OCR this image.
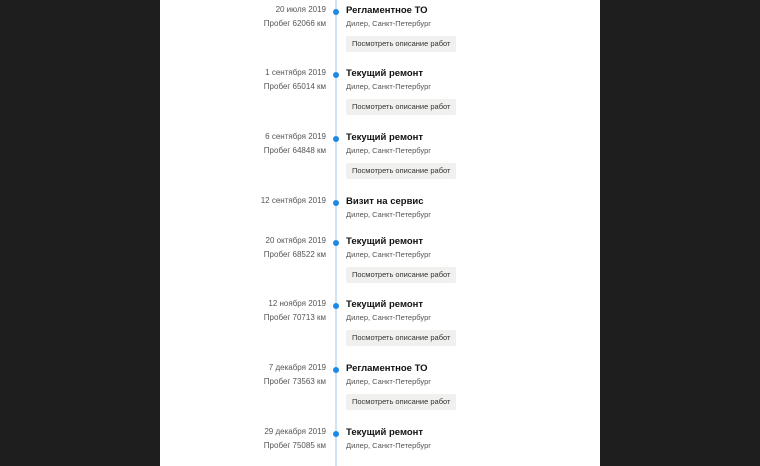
20 июля 2019
Пробег 62066 км
Регламентное ТО
Дилер, Санкт-Петербург
Посмотреть описание работ
1 сентября 2019
Пробег 65014 км
Текущий ремонт
Дилер, Санкт-Петербург
Посмотреть описание работ
6 сентября 2019
Пробег 64848 км
Текущий ремонт
Дилер, Санкт-Петербург
Посмотреть описание работ
12 сентября 2019 Визит на сервис
Дилер, Санкт-Петербург
20 октября 2019
Пробег 68522 км
Текущий ремонт
Дилер, Санкт-Петербург
Посмотреть описание работ
12 ноября 2019
Пробег 70713 км
Текущий ремонт
Дилер, Санкт-Петербург
Посмотреть описание работ
7 декабря 2019
Пробег 73563 км
Регламентное ТО
Дилер, Санкт-Петербург
Посмотреть описание работ
29 декабря 2019
Пробег 75085 км
Текущий ремонт
Дилер, Санкт-Петербург
